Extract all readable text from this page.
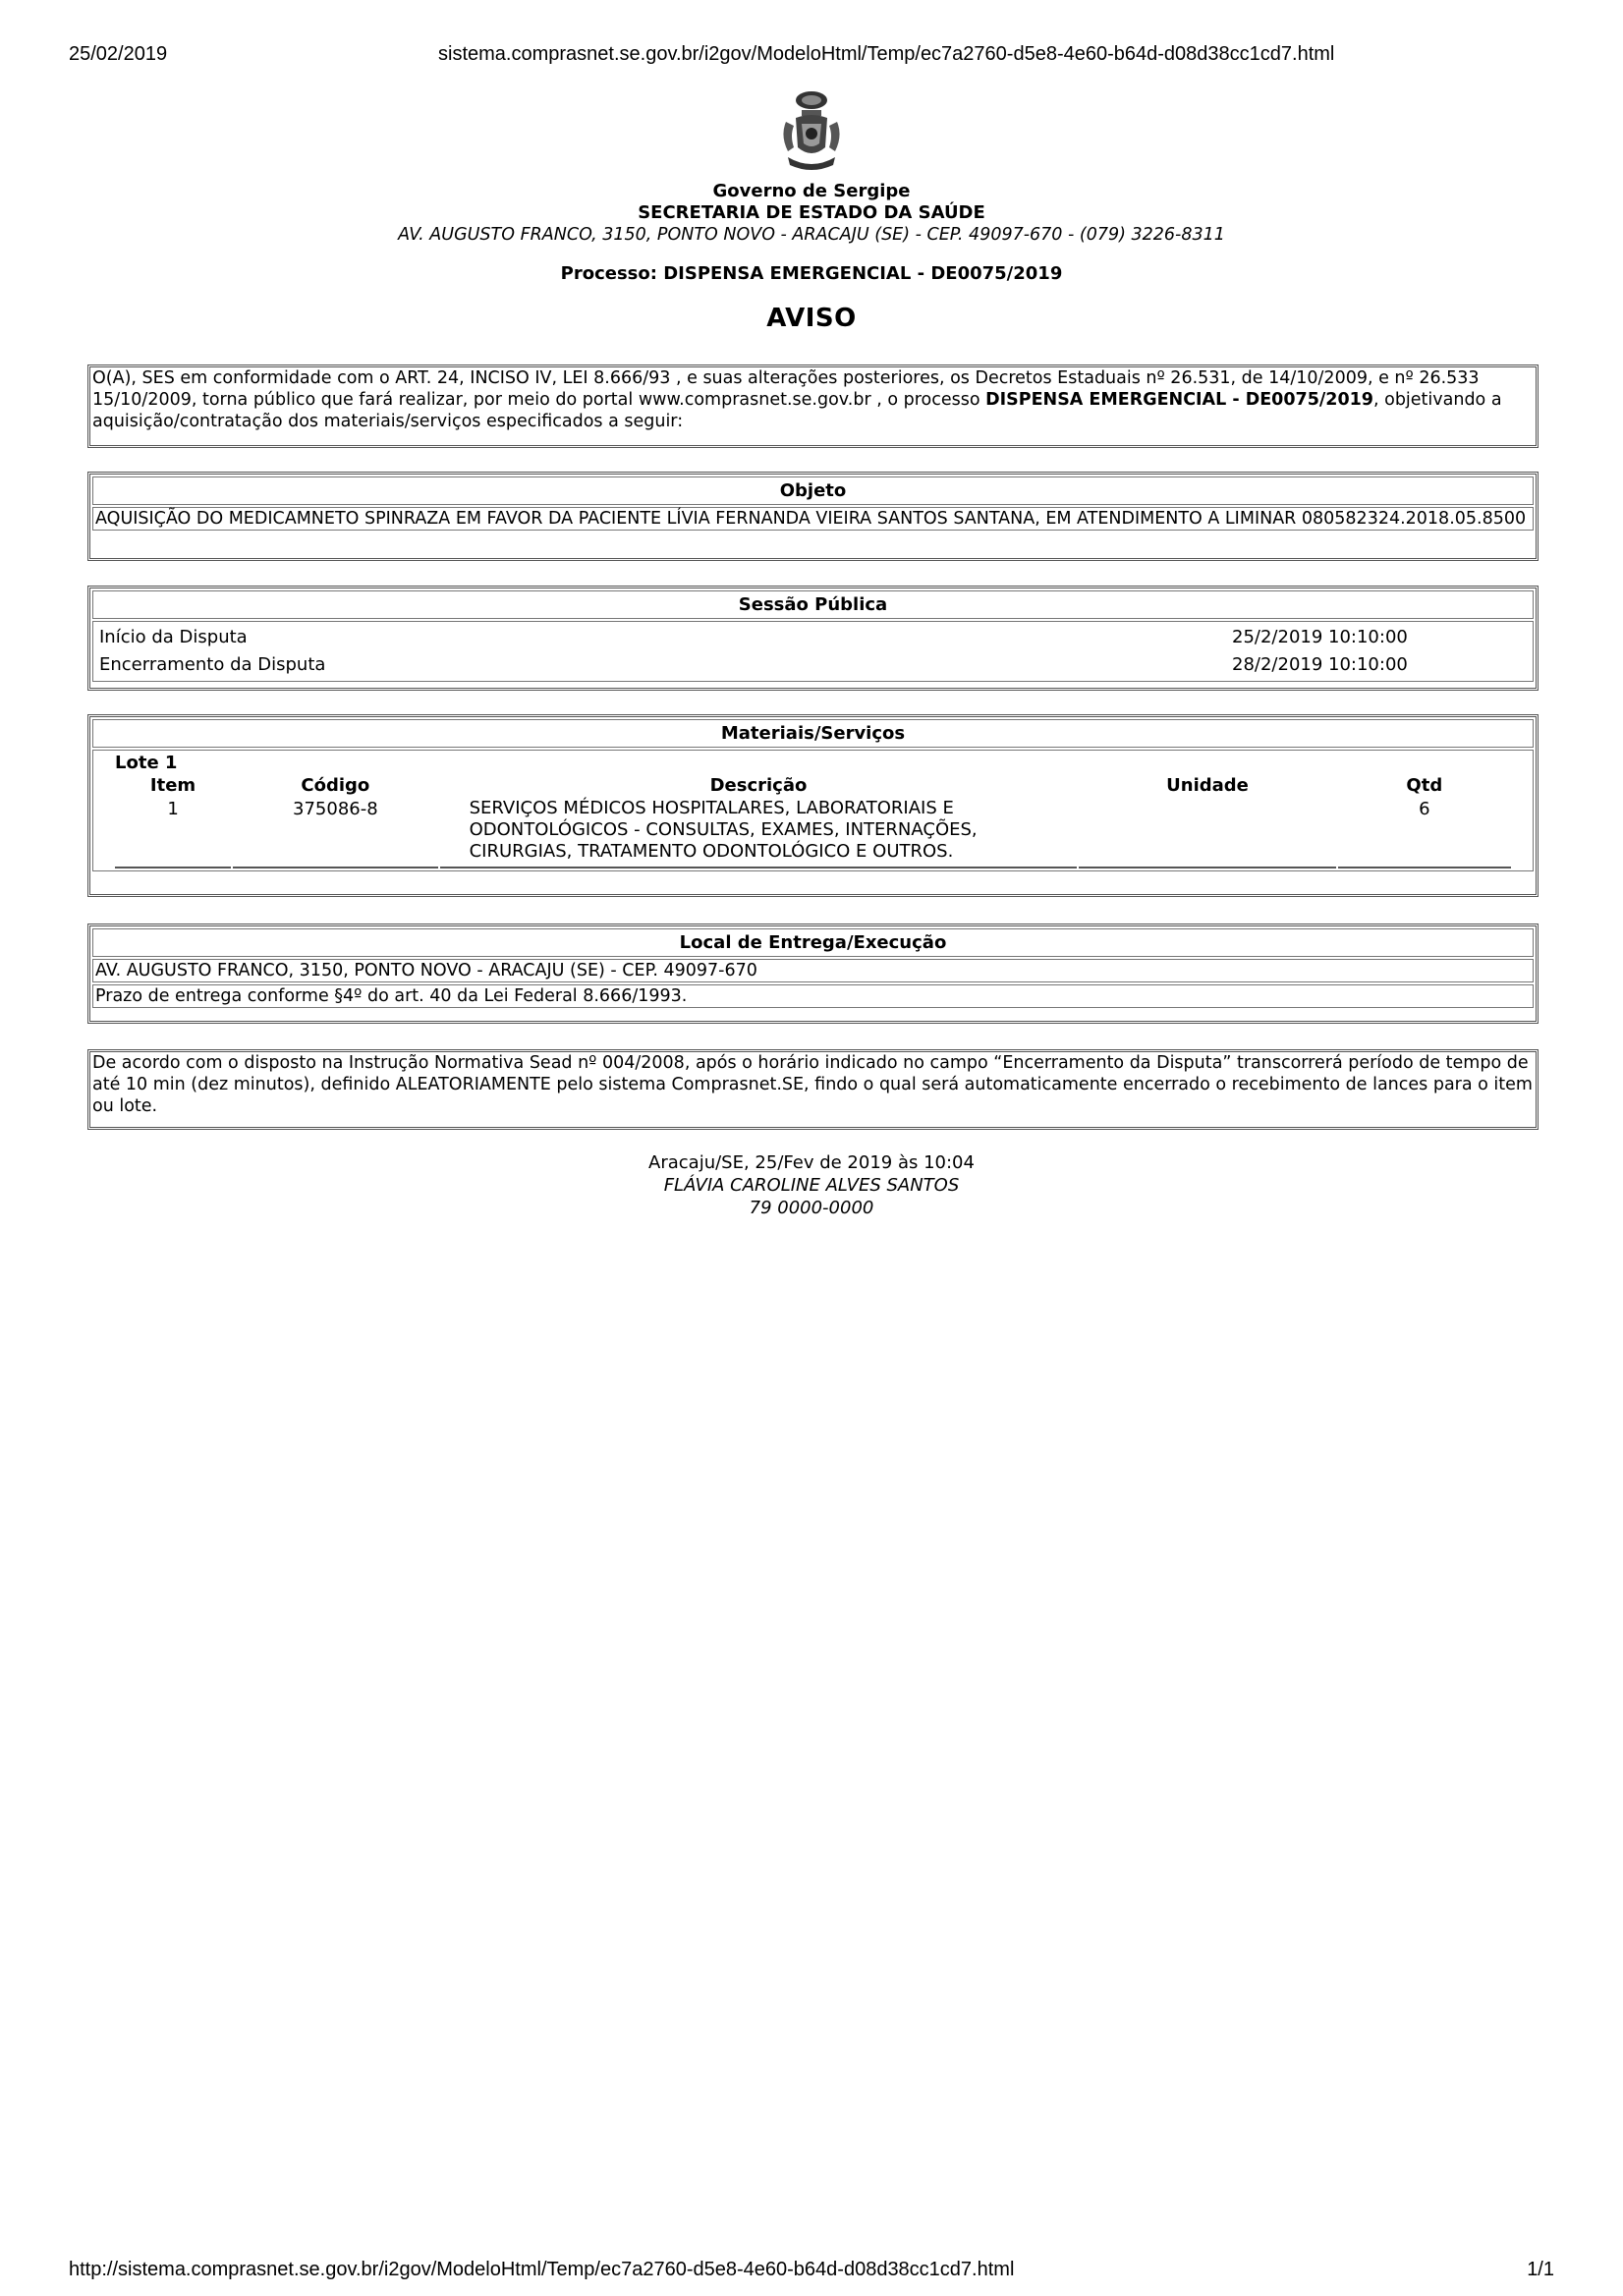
25/02/2019	sistema.comprasnet.se.gov.br/i2gov/ModeloHtml/Temp/ec7a2760-d5e8-4e60-b64d-d08d38cc1cd7.html
Governo de Sergipe
SECRETARIA DE ESTADO DA SAÚDE
AV. AUGUSTO FRANCO, 3150, PONTO NOVO - ARACAJU (SE) - CEP. 49097-670 - (079) 3226-8311
Processo: DISPENSA EMERGENCIAL - DE0075/2019
AVISO
O(A), SES em conformidade com o ART. 24, INCISO IV, LEI 8.666/93 , e suas alterações posteriores, os Decretos Estaduais nº 26.531, de 14/10/2009, e nº 26.533 15/10/2009, torna público que fará realizar, por meio do portal www.comprasnet.se.gov.br , o processo DISPENSA EMERGENCIAL - DE0075/2019, objetivando a aquisição/contratação dos materiais/serviços especificados a seguir:
Objeto
AQUISIÇÃO DO MEDICAMNETO SPINRAZA EM FAVOR DA PACIENTE LÍVIA FERNANDA VIEIRA SANTOS SANTANA, EM ATENDIMENTO A LIMINAR 080582324.2018.05.8500
Sessão Pública
Início da Disputa	25/2/2019 10:10:00
Encerramento da Disputa	28/2/2019 10:10:00
Materiais/Serviços
Lote 1
Item	Código	Descrição	Unidade	Qtd
1	375086-8	SERVIÇOS MÉDICOS HOSPITALARES, LABORATORIAIS E ODONTOLÓGICOS - CONSULTAS, EXAMES, INTERNAÇÕES, CIRURGIAS, TRATAMENTO ODONTOLÓGICO E OUTROS.		6

Local de Entrega/Execução
AV. AUGUSTO FRANCO, 3150, PONTO NOVO - ARACAJU (SE) - CEP. 49097-670
Prazo de entrega conforme §4º do art. 40 da Lei Federal 8.666/1993.
De acordo com o disposto na Instrução Normativa Sead nº 004/2008, após o horário indicado no campo “Encerramento da Disputa” transcorrerá período de tempo de até 10 min (dez minutos), definido ALEATORIAMENTE pelo sistema Comprasnet.SE, findo o qual será automaticamente encerrado o recebimento de lances para o item ou lote.
Aracaju/SE, 25/Fev de 2019 às 10:04
FLÁVIA CAROLINE ALVES SANTOS
79 0000-0000
http://sistema.comprasnet.se.gov.br/i2gov/ModeloHtml/Temp/ec7a2760-d5e8-4e60-b64d-d08d38cc1cd7.html	1/1
